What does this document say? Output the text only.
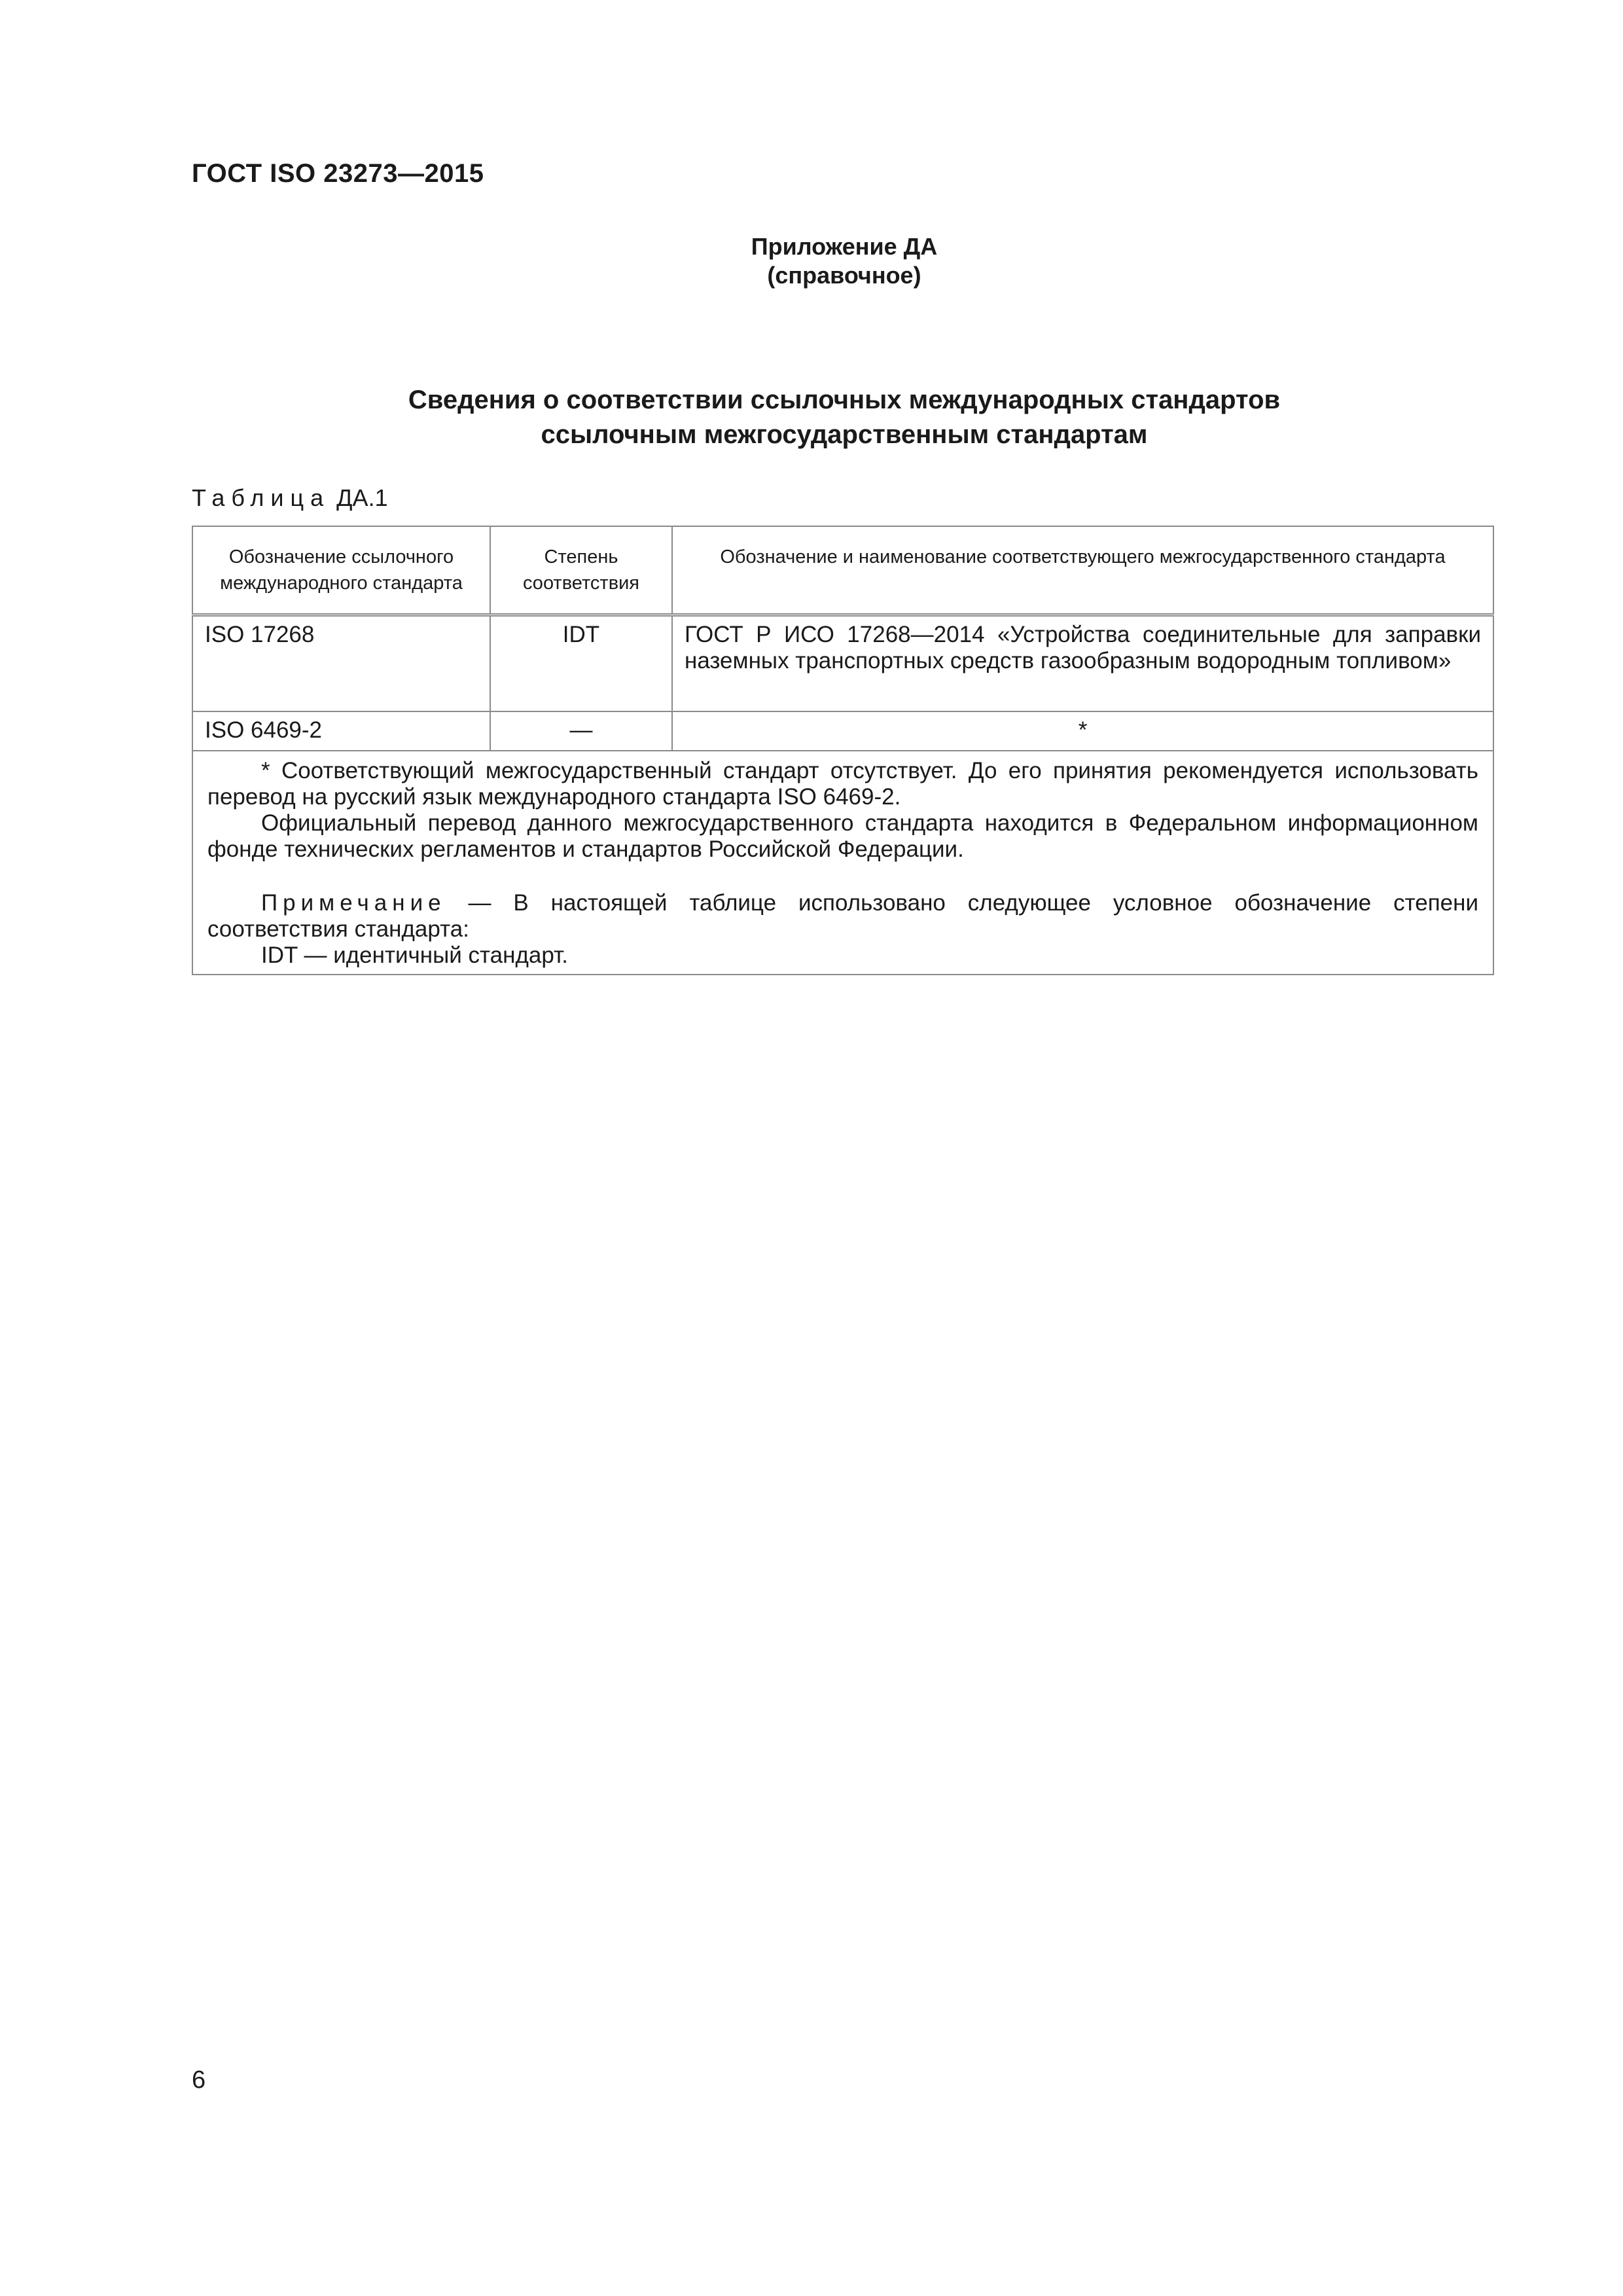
ГОСТ ISO 23273—2015
Приложение ДА
(справочное)
Сведения о соответствии ссылочных международных стандартов
ссылочным межгосударственным стандартам
Таблица ДА.1
Обозначение ссылочного международного стандарта	Степень соответствия	Обозначение и наименование соответствующего межгосударственного стандарта
ISO 17268	IDT	ГОСТ Р ИСО 17268—2014 «Устройства соединительные для заправки наземных транспортных средств газообразным водородным топливом»
ISO 6469-2	—	*

* Соответствующий межгосударственный стандарт отсутствует. До его принятия рекомендуется использовать перевод на русский язык международного стандарта ISO 6469-2.

Официальный перевод данного межгосударственного стандарта находится в Федеральном информационном фонде технических регламентов и стандартов Российской Федерации.

Примечание — В настоящей таблице использовано следующее условное обозначение степени соответствия стандарта:

IDT — идентичный стандарт.		

6
